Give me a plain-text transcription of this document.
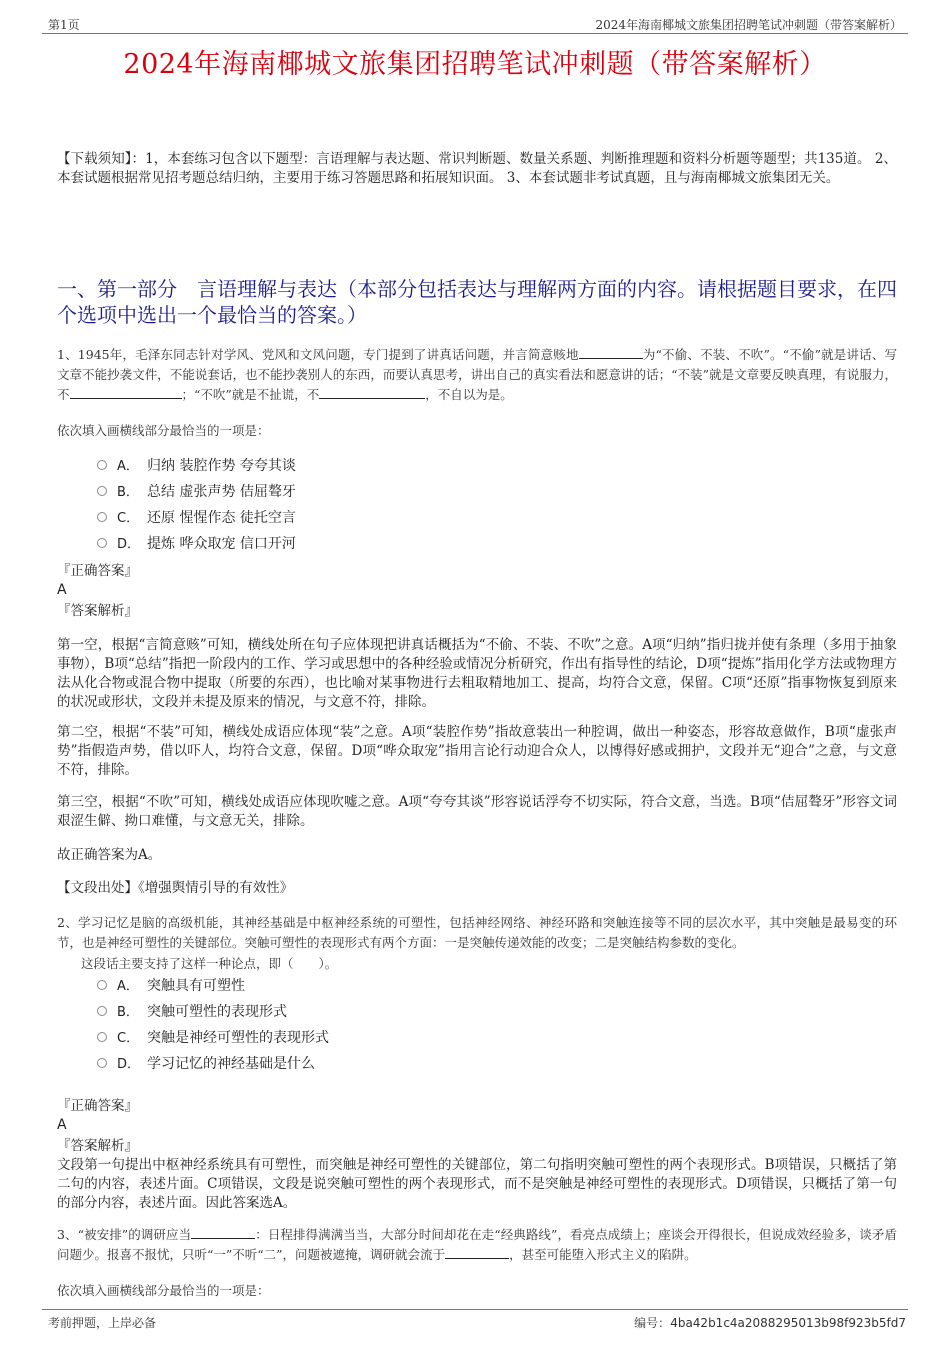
第1页	2024年海南椰城文旅集团招聘笔试冲刺题（带答案解析）
2024年海南椰城文旅集团招聘笔试冲刺题（带答案解析）
【下载须知】：1，本套练习包含以下题型：言语理解与表达题、常识判断题、数量关系题、判断推理题和资料分析题等题型；共135道。 2、本套试题根据常见招考题总结归纳，主要用于练习答题思路和拓展知识面。 3、本套试题非考试真题，且与海南椰城文旅集团无关。
一、第一部分　言语理解与表达（本部分包括表达与理解两方面的内容。请根据题目要求，在四个选项中选出一个最恰当的答案。）
1、1945年，毛泽东同志针对学风、党风和文风问题，专门提到了讲真话问题，并言简意赅地	为“不偷、不装、不吹”。“不偷”就是讲话、写文章不能抄袭文件，不能说套话，也不能抄袭别人的东西，而要认真思考，讲出自己的真实看法和愿意讲的话；“不装”就是文章要反映真理，有说服力，不	；“不吹”就是不扯谎，不	，不自以为是。
依次填入画横线部分最恰当的一项是：
A． 归纳 装腔作势 夸夸其谈
B． 总结 虚张声势 佶屈聱牙
C． 还原 惺惺作态 徒托空言
D． 提炼 哗众取宠 信口开河
『正确答案』
A
『答案解析』
第一空，根据“言简意赅”可知，横线处所在句子应体现把讲真话概括为“不偷、不装、不吹”之意。A项“归纳”指归拢并使有条理（多用于抽象事物），B项“总结”指把一阶段内的工作、学习或思想中的各种经验或情况分析研究，作出有指导性的结论，D项“提炼”指用化学方法或物理方法从化合物或混合物中提取（所要的东西），也比喻对某事物进行去粗取精地加工、提高，均符合文意，保留。C项“还原”指事物恢复到原来的状况或形状，文段并未提及原来的情况，与文意不符，排除。
第二空，根据“不装”可知，横线处成语应体现“装”之意。A项“装腔作势”指故意装出一种腔调，做出一种姿态，形容故意做作，B项“虚张声势”指假造声势，借以吓人，均符合文意，保留。D项“哗众取宠”指用言论行动迎合众人，以博得好感或拥护，文段并无“迎合”之意，与文意不符，排除。
第三空，根据“不吹”可知，横线处成语应体现吹嘘之意。A项“夸夸其谈”形容说话浮夸不切实际，符合文意，当选。B项“佶屈聱牙”形容文词艰涩生僻、拗口难懂，与文意无关，排除。
故正确答案为A。
【文段出处】《增强舆情引导的有效性》
2、学习记忆是脑的高级机能，其神经基础是中枢神经系统的可塑性，包括神经网络、神经环路和突触连接等不同的层次水平，其中突触是最易变的环节，也是神经可塑性的关键部位。突触可塑性的表现形式有两个方面：一是突触传递效能的改变；二是突触结构参数的变化。
这段话主要支持了这样一种论点，即（　　）。
A． 突触具有可塑性
B． 突触可塑性的表现形式
C． 突触是神经可塑性的表现形式
D． 学习记忆的神经基础是什么
『正确答案』
A
『答案解析』
文段第一句提出中枢神经系统具有可塑性，而突触是神经可塑性的关键部位，第二句指明突触可塑性的两个表现形式。B项错误，只概括了第二句的内容，表述片面。C项错误，文段是说突触可塑性的两个表现形式，而不是突触是神经可塑性的表现形式。D项错误，只概括了第一句的部分内容，表述片面。因此答案选A。
3、“被安排”的调研应当	：日程排得满满当当，大部分时间却花在走“经典路线”，看亮点成绩上；座谈会开得很长，但说成效经验多，谈矛盾问题少。报喜不报忧，只听“一”不听“二”，问题被遮掩，调研就会流于	，甚至可能堕入形式主义的陷阱。
依次填入画横线部分最恰当的一项是：
考前押题，上岸必备	编号：4ba42b1c4a2088295013b98f923b5fd7
